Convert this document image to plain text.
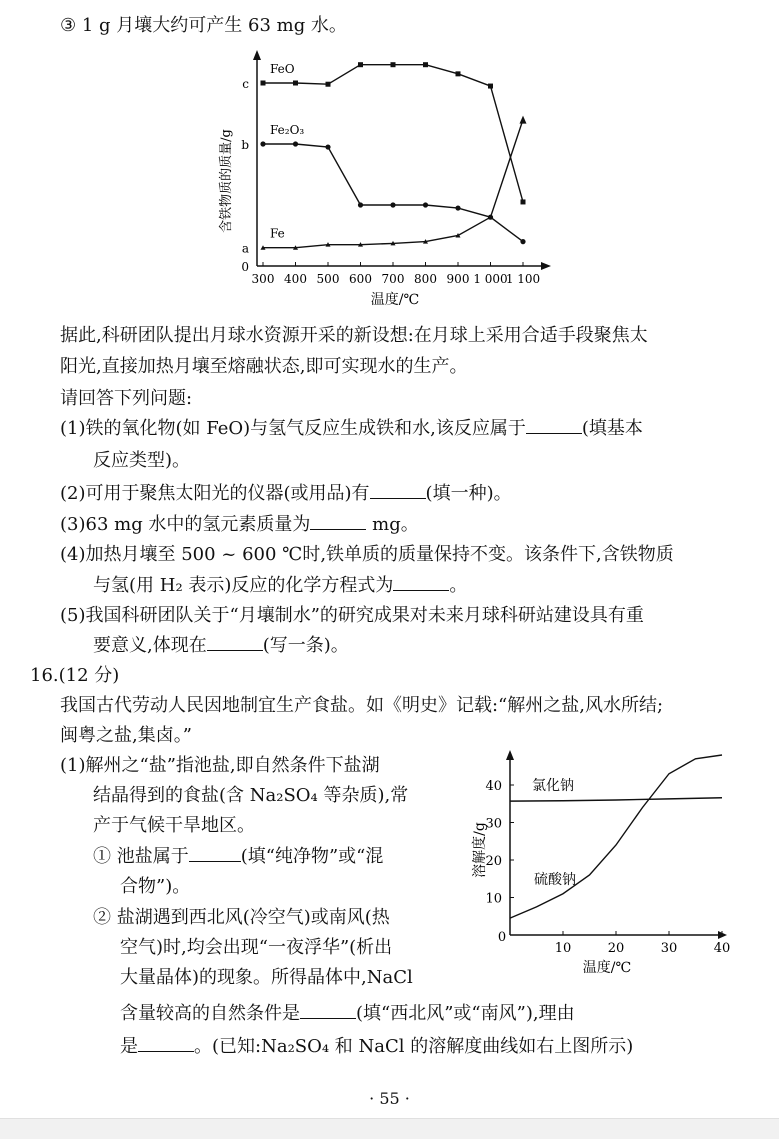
③ 1 g 月壤大约可产生 63 mg 水。
含铁物质的质量/g
0
a
b
c
300 400 500 600 700 800 900 1 000
1 100
FeO
Fe₂O₃
Fe
温度/℃
据此,科研团队提出月球水资源开采的新设想:在月球上采用合适手段聚焦太
阳光,直接加热月壤至熔融状态,即可实现水的生产。
请回答下列问题:
(1)铁的氧化物(如 FeO)与氢气反应生成铁和水,该反应属于	(填基本
反应类型)。
(2)可用于聚焦太阳光的仪器(或用品)有	(填一种)。
(3)63 mg 水中的氢元素质量为	mg。
(4)加热月壤至 500 ~ 600 ℃时,铁单质的质量保持不变。该条件下,含铁物质
与氢(用 H₂ 表示)反应的化学方程式为	。
(5)我国科研团队关于“月壤制水”的研究成果对未来月球科研站建设具有重
要意义,体现在	(写一条)。
16.(12 分)
我国古代劳动人民因地制宜生产食盐。如《明史》记载:“解州之盐,风水所结;
闽粤之盐,集卤。”
(1)解州之“盐”指池盐,即自然条件下盐湖
结晶得到的食盐(含 Na₂SO₄ 等杂质),常
产于气候干旱地区。
① 池盐属于	(填“纯净物”或“混
合物”)。
② 盐湖遇到西北风(冷空气)或南风(热
空气)时,均会出现“一夜浮华”(析出
大量晶体)的现象。所得晶体中,NaCl
含量较高的自然条件是	(填“西北风”或“南风”),理由
是	。(已知:Na₂SO₄ 和 NaCl 的溶解度曲线如右上图所示)
溶解度/g
0
10	20	30	40
10
20
30
40 氯化钠
硫酸钠
温度/℃
· 55 ·
